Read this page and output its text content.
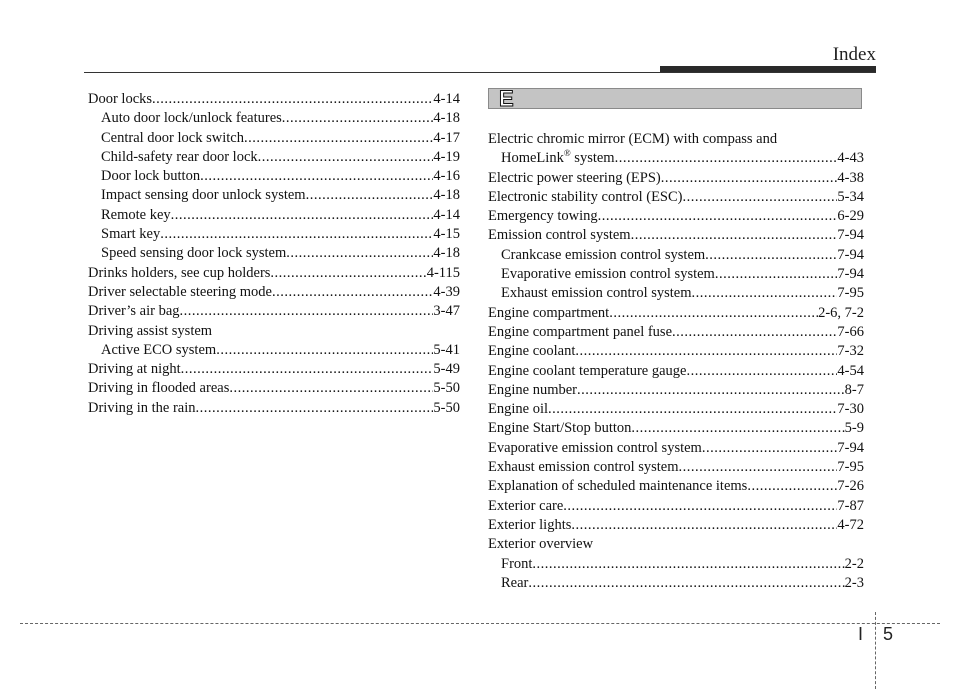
Index
Door locks .....	4-14
Auto door lock/unlock features .....	4-18
Central door lock switch .....	4-17
Child-safety rear door lock .....	4-19
Door lock button .....	4-16
Impact sensing door unlock system .....	4-18
Remote key .....	4-14
Smart key .....	4-15
Speed sensing door lock system .....	4-18
Drinks holders, see cup holders .....	4-115
Driver selectable steering mode .....	4-39
Driver’s air bag .....	3-47
Driving assist system
Active ECO system .....	5-41
Driving at night .....	5-49
Driving in flooded areas .....	5-50
Driving in the rain .....	5-50
E
Electric chromic mirror (ECM) with compass and
HomeLink® system .....	4-43
Electric power steering (EPS) .....	4-38
Electronic stability control (ESC) .....	5-34
Emergency towing .....	6-29
Emission control system .....	7-94
Crankcase emission control system .....	7-94
Evaporative emission control system .....	7-94
Exhaust emission control system .....	7-95
Engine compartment .....	2-6, 7-2
Engine compartment panel fuse .....	7-66
Engine coolant .....	7-32
Engine coolant temperature gauge .....	4-54
Engine number .....	8-7
Engine oil .....	7-30
Engine Start/Stop button .....	5-9
Evaporative emission control system .....	7-94
Exhaust emission control system .....	7-95
Explanation of scheduled maintenance items .....	7-26
Exterior care .....	7-87
Exterior lights .....	4-72
Exterior overview
Front .....	2-2
Rear .....	2-3
I 5
